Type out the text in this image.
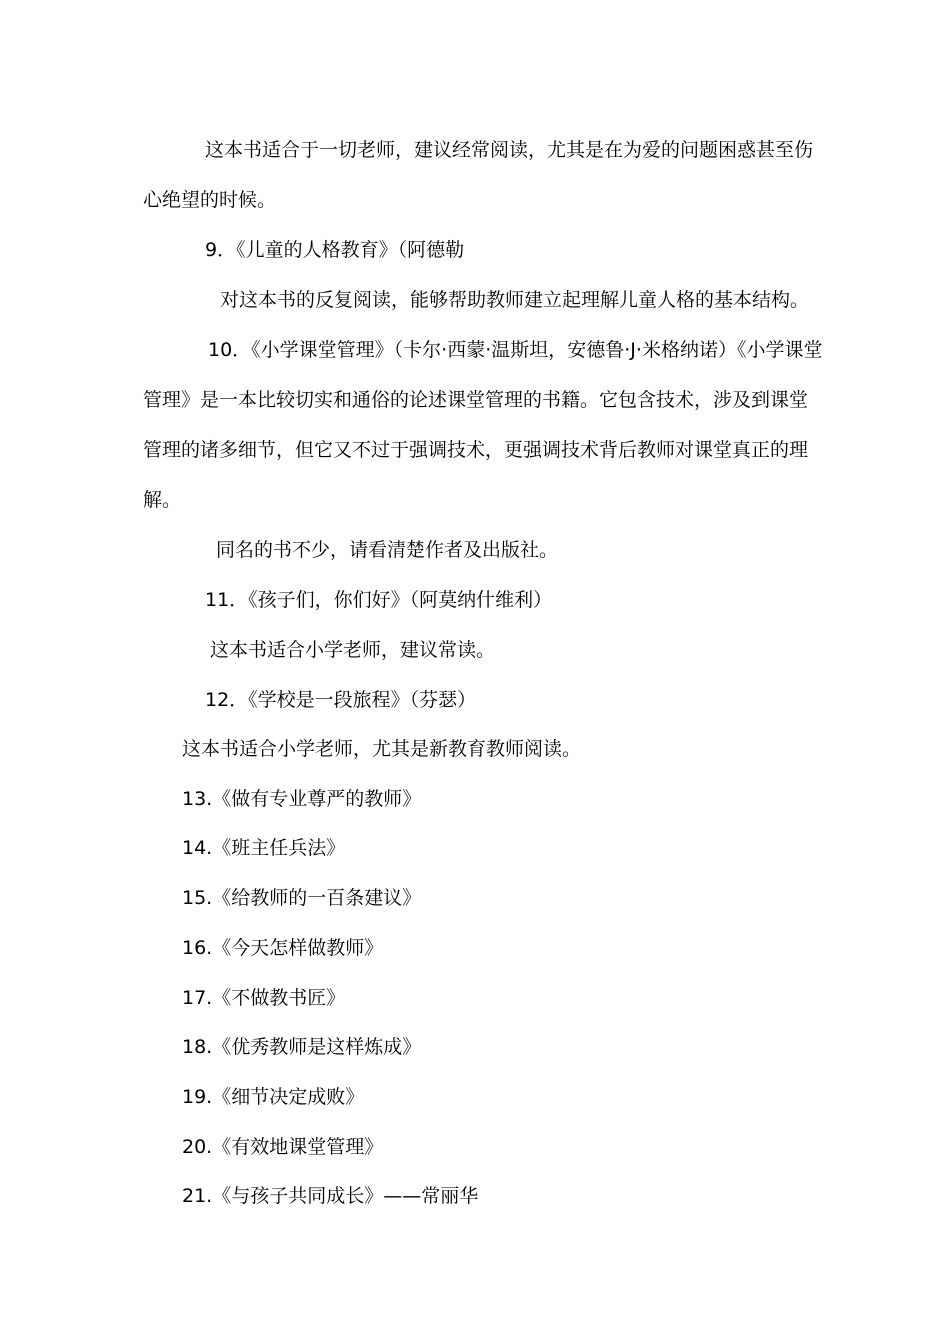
这本书适合于一切老师，建议经常阅读，尤其是在为爱的问题困惑甚至伤
心绝望的时候。
9．《儿童的人格教育》（阿德勒
对这本书的反复阅读，能够帮助教师建立起理解儿童人格的基本结构。
10．《小学课堂管理》（卡尔·西蒙·温斯坦，安德鲁·J·米格纳诺）《小学课堂
管理》是一本比较切实和通俗的论述课堂管理的书籍。它包含技术，涉及到课堂
管理的诸多细节，但它又不过于强调技术，更强调技术背后教师对课堂真正的理
解。
同名的书不少，请看清楚作者及出版社。
11．《孩子们，你们好》（阿莫纳什维利）
这本书适合小学老师，建议常读。
12．《学校是一段旅程》（芬瑟）
这本书适合小学老师，尤其是新教育教师阅读。
13.《做有专业尊严的教师》
14.《班主任兵法》
15.《给教师的一百条建议》
16.《今天怎样做教师》
17.《不做教书匠》
18.《优秀教师是这样炼成》
19.《细节决定成败》
20.《有效地课堂管理》
21.《与孩子共同成长》——常丽华
